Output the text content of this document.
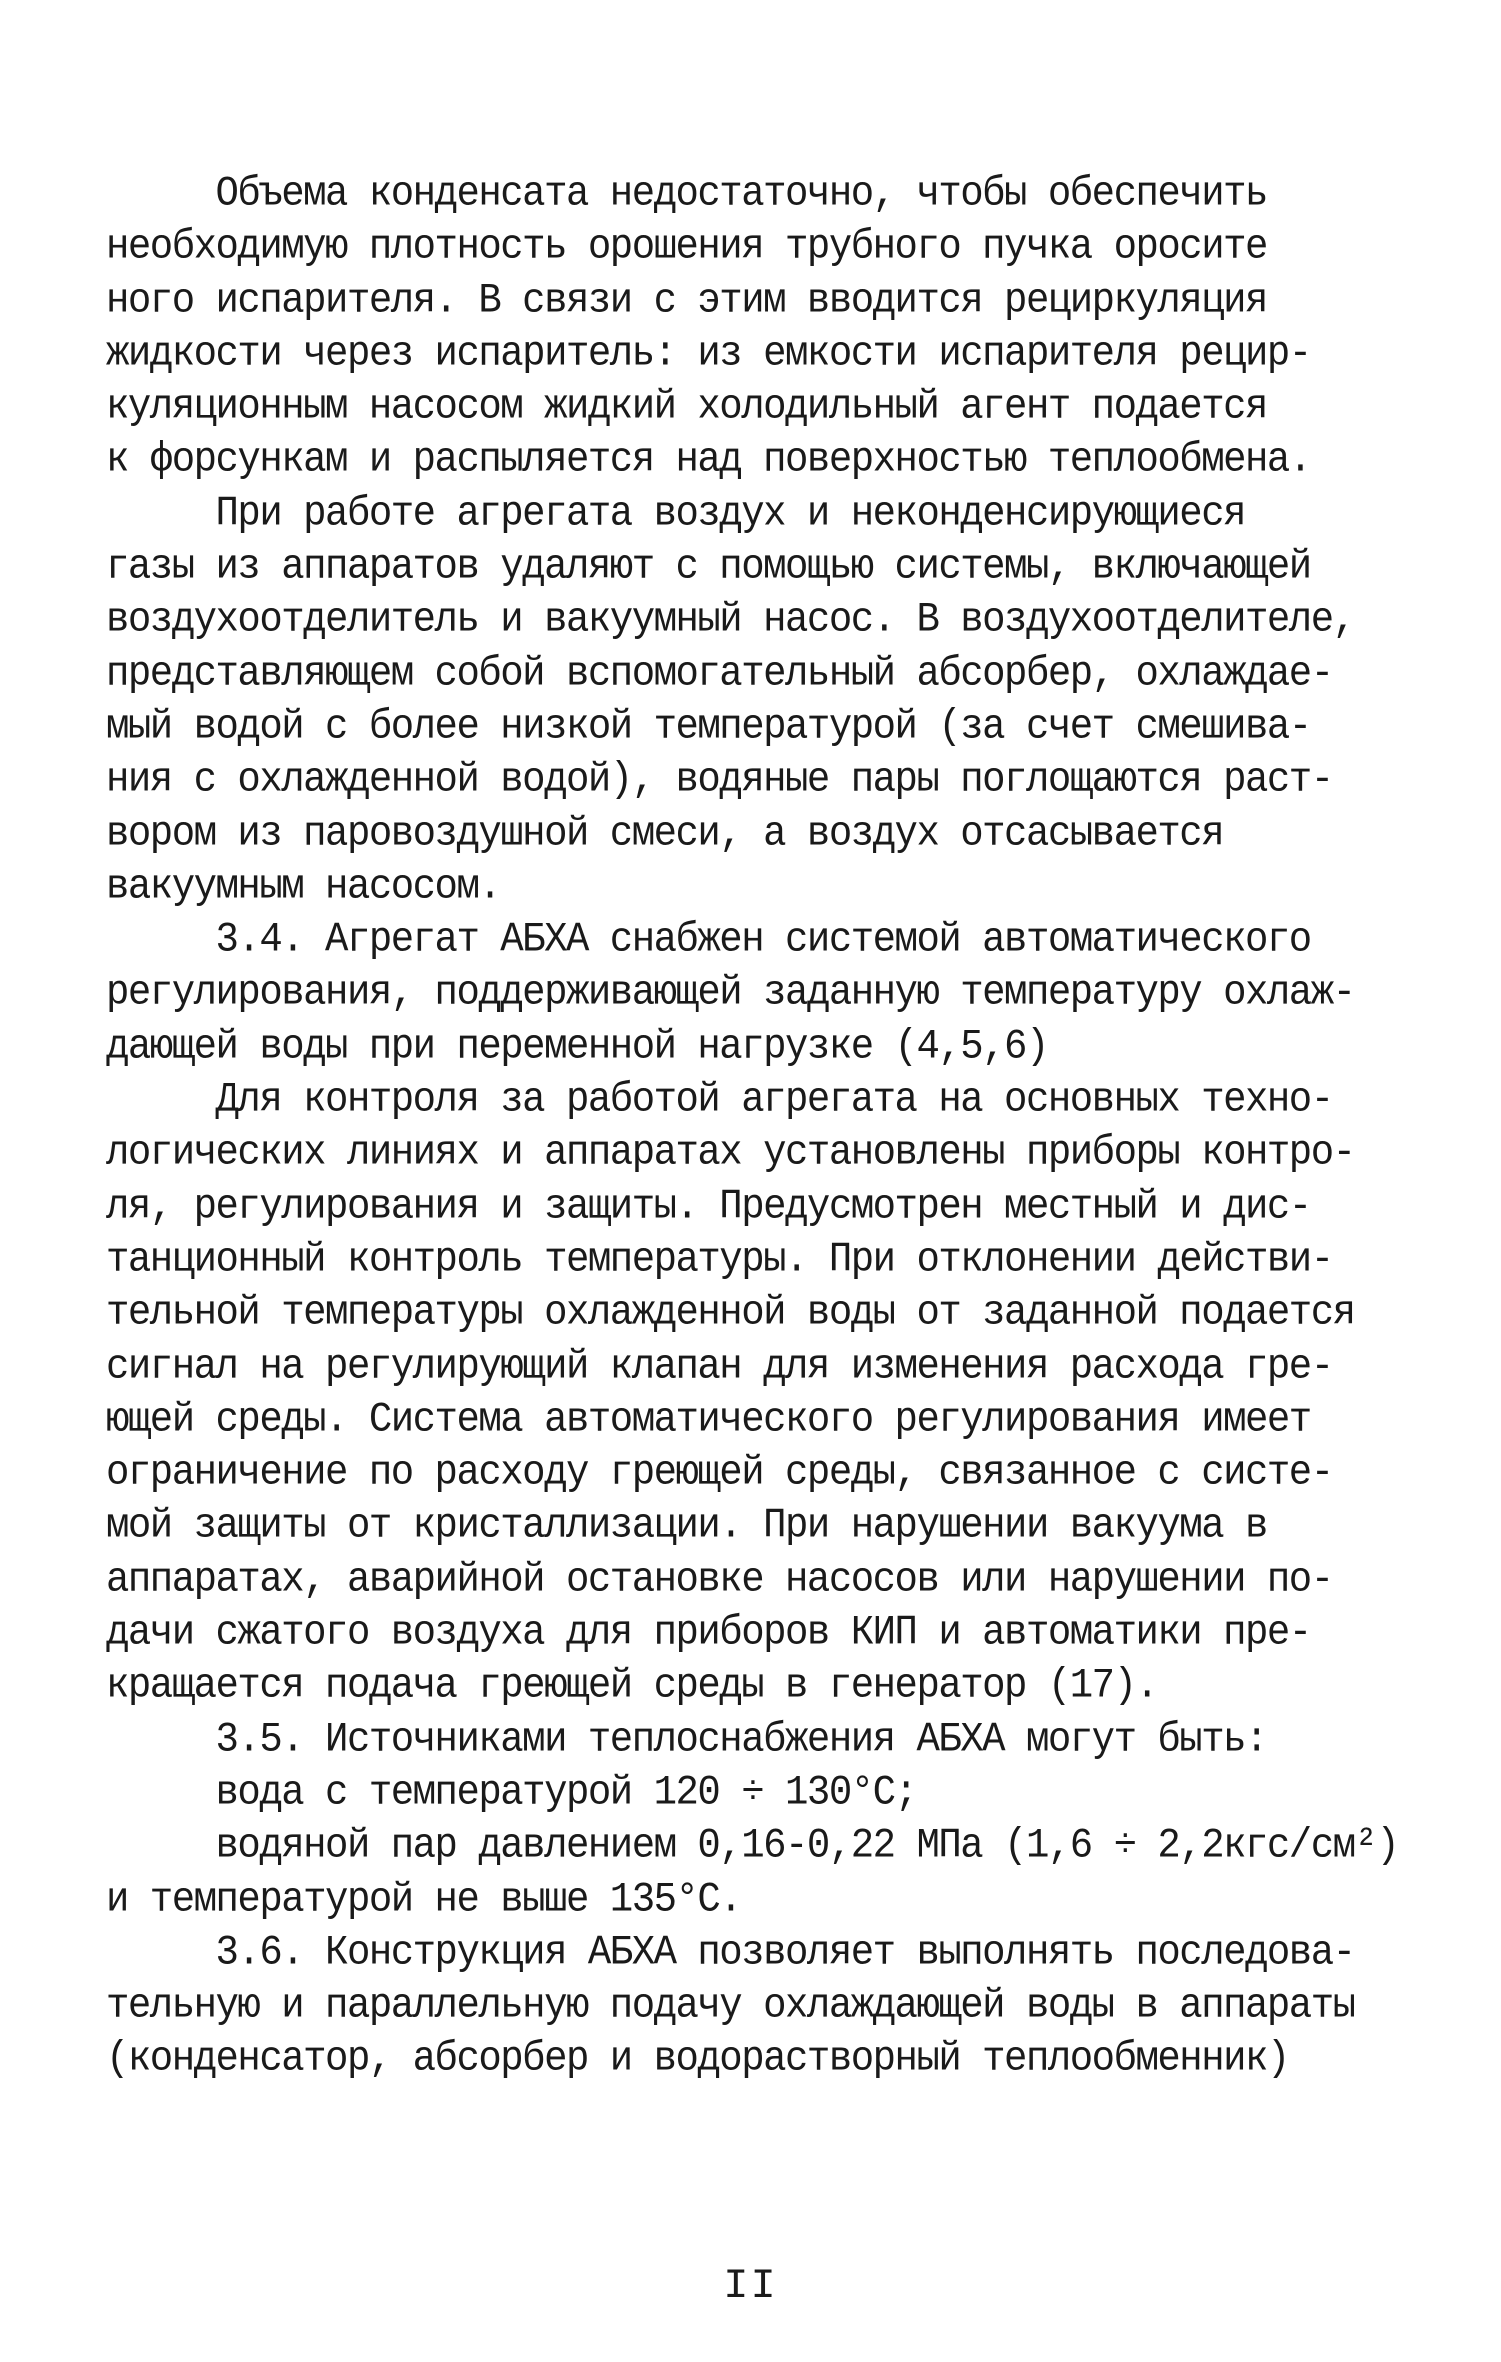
Объема конденсата недостаточно, чтобы обеспечить
необходимую плотность орошения трубного пучка оросите
ного испарителя. В связи с этим вводится рециркуляция
жидкости через испаритель: из емкости испарителя рецир-
куляционным насосом жидкий холодильный агент подается
к форсункам и распыляется над поверхностью теплообмена.
При работе агрегата воздух и неконденсирующиеся
газы из аппаратов удаляют с помощью системы, включающей
воздухоотделитель и вакуумный насос. В воздухоотделителе,
представляющем собой вспомогательный абсорбер, охлаждае-
мый водой с более низкой температурой (за счет смешива-
ния с охлажденной водой), водяные пары поглощаются раст-
вором из паровоздушной смеси, а воздух отсасывается
вакуумным насосом.
3.4. Агрегат АБХА снабжен системой автоматического
регулирования, поддерживающей заданную температуру охлаж-
дающей воды при переменной нагрузке (4,5,6)
Для контроля за работой агрегата на основных техно-
логических линиях и аппаратах установлены приборы контро-
ля, регулирования и защиты. Предусмотрен местный и дис-
танционный контроль температуры. При отклонении действи-
тельной температуры охлажденной воды от заданной подается
сигнал на регулирующий клапан для изменения расхода гре-
ющей среды. Система автоматического регулирования имеет
ограничение по расходу греющей среды, связанное с систе-
мой защиты от кристаллизации. При нарушении вакуума в
аппаратах, аварийной остановке насосов или нарушении по-
дачи сжатого воздуха для приборов КИП и автоматики пре-
кращается подача греющей среды в генератор (17).
3.5. Источниками теплоснабжения АБХА могут быть:
вода с температурой 120 ÷ 130°С;
водяной пар давлением 0,16-0,22 МПа (1,6 ÷ 2,2кгс/см²)
и температурой не выше 135°С.
3.6. Конструкция АБХА позволяет выполнять последова-
тельную и параллельную подачу охлаждающей воды в аппараты
(конденсатор, абсорбер и водорастворный теплообменник)
II
